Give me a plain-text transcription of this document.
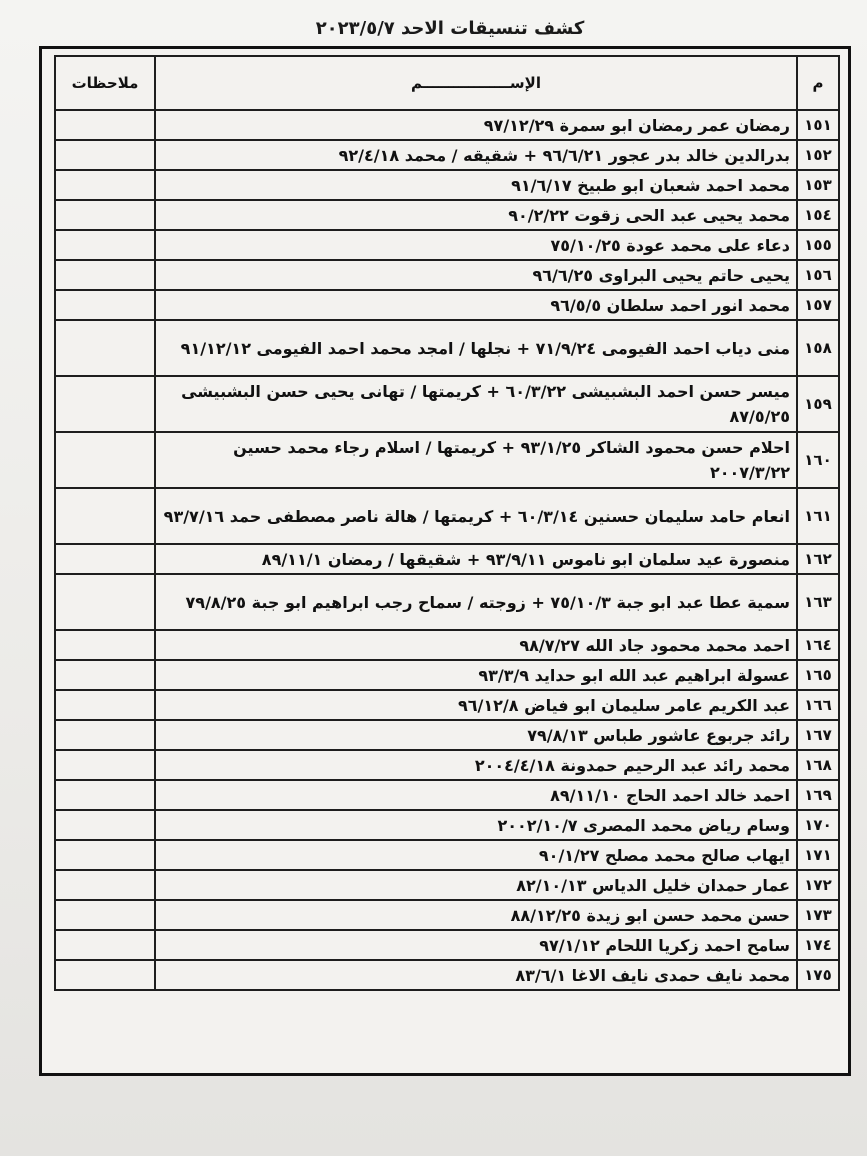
كشف تنسيقات الاحد ٢٠٢٣/٥/٧
م	الإســـــــــــــــــم	ملاحظات
١٥١	رمضان عمر رمضان ابو سمرة ٩٧/١٢/٢٩	
١٥٢	بدرالدين خالد بدر عجور ٩٦/٦/٢١ + شقيقه / محمد ٩٢/٤/١٨	
١٥٣	محمد احمد شعبان ابو طبيخ ٩١/٦/١٧	
١٥٤	محمد يحيى عبد الحى زقوت ٩٠/٢/٢٢	
١٥٥	دعاء على محمد عودة ٧٥/١٠/٢٥	
١٥٦	يحيى حاتم يحيى البراوى ٩٦/٦/٢٥	
١٥٧	محمد انور احمد سلطان ٩٦/٥/٥	
١٥٨	منى دياب احمد الفيومى ٧١/٩/٢٤ + نجلها / امجد محمد احمد الفيومى ٩١/١٢/١٢	
١٥٩	ميسر حسن احمد البشبيشى ٦٠/٣/٢٢ + كريمتها / تهانى يحيى حسن البشبيشى ٨٧/٥/٢٥	
١٦٠	احلام حسن محمود الشاكر ٩٣/١/٢٥ + كريمتها / اسلام رجاء محمد حسين ٢٠٠٧/٣/٢٢	
١٦١	انعام حامد سليمان حسنين ٦٠/٣/١٤ + كريمتها / هالة ناصر مصطفى حمد ٩٣/٧/١٦	
١٦٢	منصورة عيد سلمان ابو ناموس ٩٣/٩/١١ + شقيقها / رمضان ٨٩/١١/١	
١٦٣	سمية عطا عبد ابو جبة ٧٥/١٠/٣ + زوجته / سماح رجب ابراهيم ابو جبة ٧٩/٨/٢٥	
١٦٤	احمد محمد محمود جاد الله ٩٨/٧/٢٧	
١٦٥	عسولة ابراهيم عبد الله ابو حدايد ٩٣/٣/٩	
١٦٦	عبد الكريم عامر سليمان ابو فياض ٩٦/١٢/٨	
١٦٧	رائد جربوع عاشور طباس ٧٩/٨/١٣	
١٦٨	محمد رائد عبد الرحيم حمدونة ٢٠٠٤/٤/١٨	
١٦٩	احمد خالد احمد الحاج ٨٩/١١/١٠	
١٧٠	وسام رياض محمد المصرى ٢٠٠٢/١٠/٧	
١٧١	ايهاب صالح محمد مصلح ٩٠/١/٢٧	
١٧٢	عمار حمدان خليل الدياس ٨٢/١٠/١٣	
١٧٣	حسن محمد حسن ابو زيدة ٨٨/١٢/٢٥	
١٧٤	سامح احمد زكريا اللحام ٩٧/١/١٢	
١٧٥	محمد نايف حمدى نايف الاغا ٨٣/٦/١	
